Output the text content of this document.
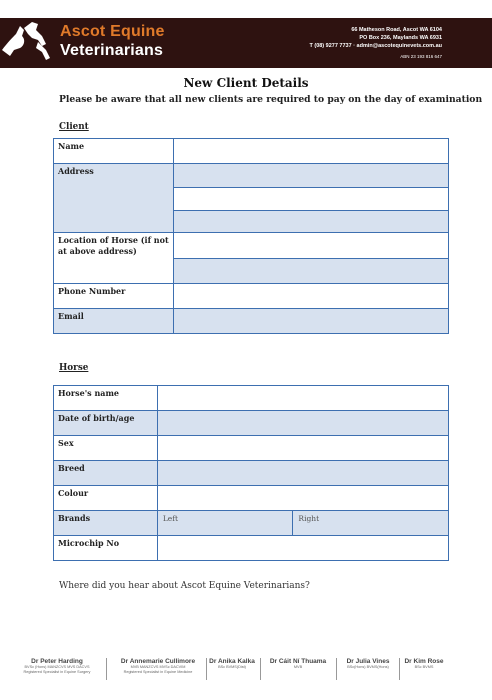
Ascot Equine
Veterinarians
66 Matheson Road, Ascot WA 6104
PO Box 236, Maylands WA 6931
T (08) 9277 7737 · admin@ascotequinevets.com.au
ABN 23 193 816 647
New Client Details
Please be aware that all new clients are required to pay on the day of examination
Client
Name	
Address	

Location of Horse (if not at above address)	

Phone Number	
Email	
Horse
Horse's name		
Date of birth/age		
Sex		
Breed		
Colour		
Brands	Left	Right
Microchip No		
Where did you hear about Ascot Equine Veterinarians?
Dr Peter Harding
BVSc (Hons) MANZCVS MVS DACVS
Registered Specialist in Equine Surgery
Dr Annemarie Cullimore
MVB MANZCVS MVSc DACVIM
Registered Specialist in Equine Medicine
Dr Anika Kalka
BSc BVMS(Dist)
Dr Cáit Ní Thuama
MVB
Dr Julia Vines
BSc(Hons) BVMS(Hons)
Dr Kim Rose
BSc BVMS
